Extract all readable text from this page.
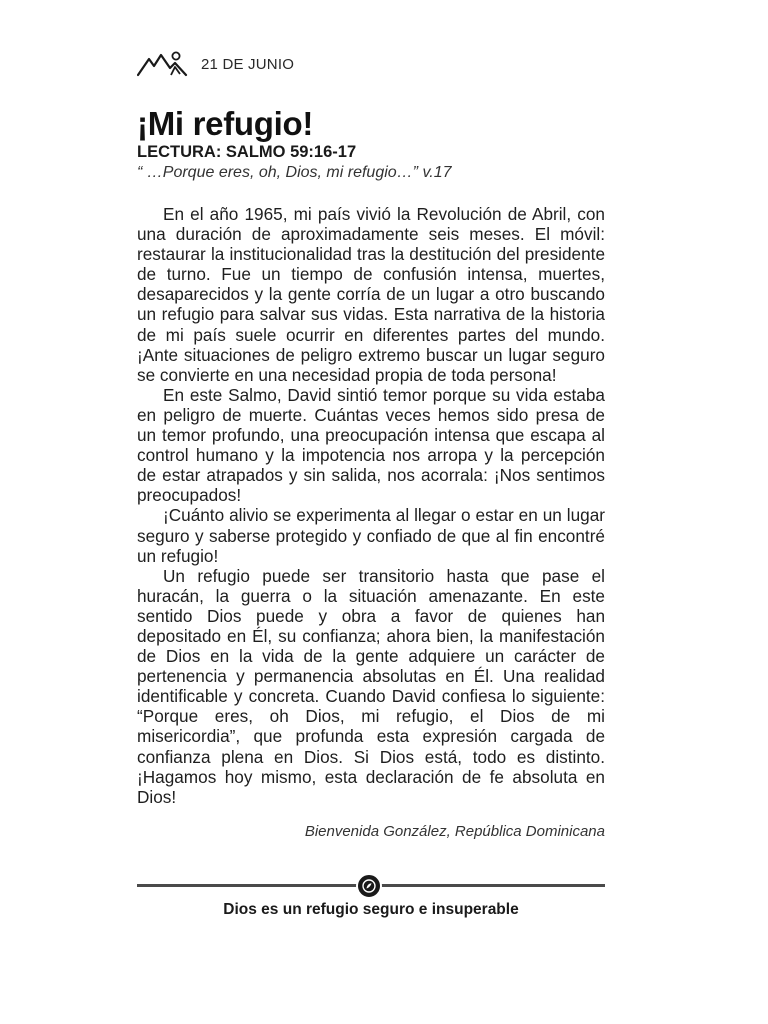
21 DE JUNIO
¡Mi refugio!
LECTURA: SALMO 59:16-17
“ …Porque eres, oh, Dios, mi refugio…” v.17

En el año 1965, mi país vivió la Revolución de Abril, con una duración de aproximadamente seis meses. El móvil: restaurar la institucionalidad tras la destitución del presidente de turno. Fue un tiempo de confusión intensa, muertes, desaparecidos y la gente corría de un lugar a otro buscando un refugio para salvar sus vidas. Esta narrativa de la historia de mi país suele ocurrir en diferentes partes del mundo. ¡Ante situaciones de peligro extremo buscar un lugar seguro se convierte en una necesidad propia de toda persona!

En este Salmo, David sintió temor porque su vida estaba en peligro de muerte. Cuántas veces hemos sido presa de un temor profundo, una preocupación intensa que escapa al control humano y la impotencia nos arropa y la percepción de estar atrapados y sin salida, nos acorrala: ¡Nos sentimos preocupados!

¡Cuánto alivio se experimenta al llegar o estar en un lugar seguro y saberse protegido y confiado de que al fin encontré un refugio!

Un refugio puede ser transitorio hasta que pase el huracán, la guerra o la situación amenazante. En este sentido Dios puede y obra a favor de quienes han depositado en Él, su confianza; ahora bien, la manifestación de Dios en la vida de la gente adquiere un carácter de pertenencia y permanencia absolutas en Él. Una realidad identificable y concreta. Cuando David confiesa lo siguiente: “Porque eres, oh Dios, mi refugio, el Dios de mi misericordia”, que profunda esta expresión cargada de confianza plena en Dios. Si Dios está, todo es distinto. ¡Hagamos hoy mismo, esta declaración de fe absoluta en Dios!

Bienvenida González, República Dominicana
Dios es un refugio seguro e insuperable
